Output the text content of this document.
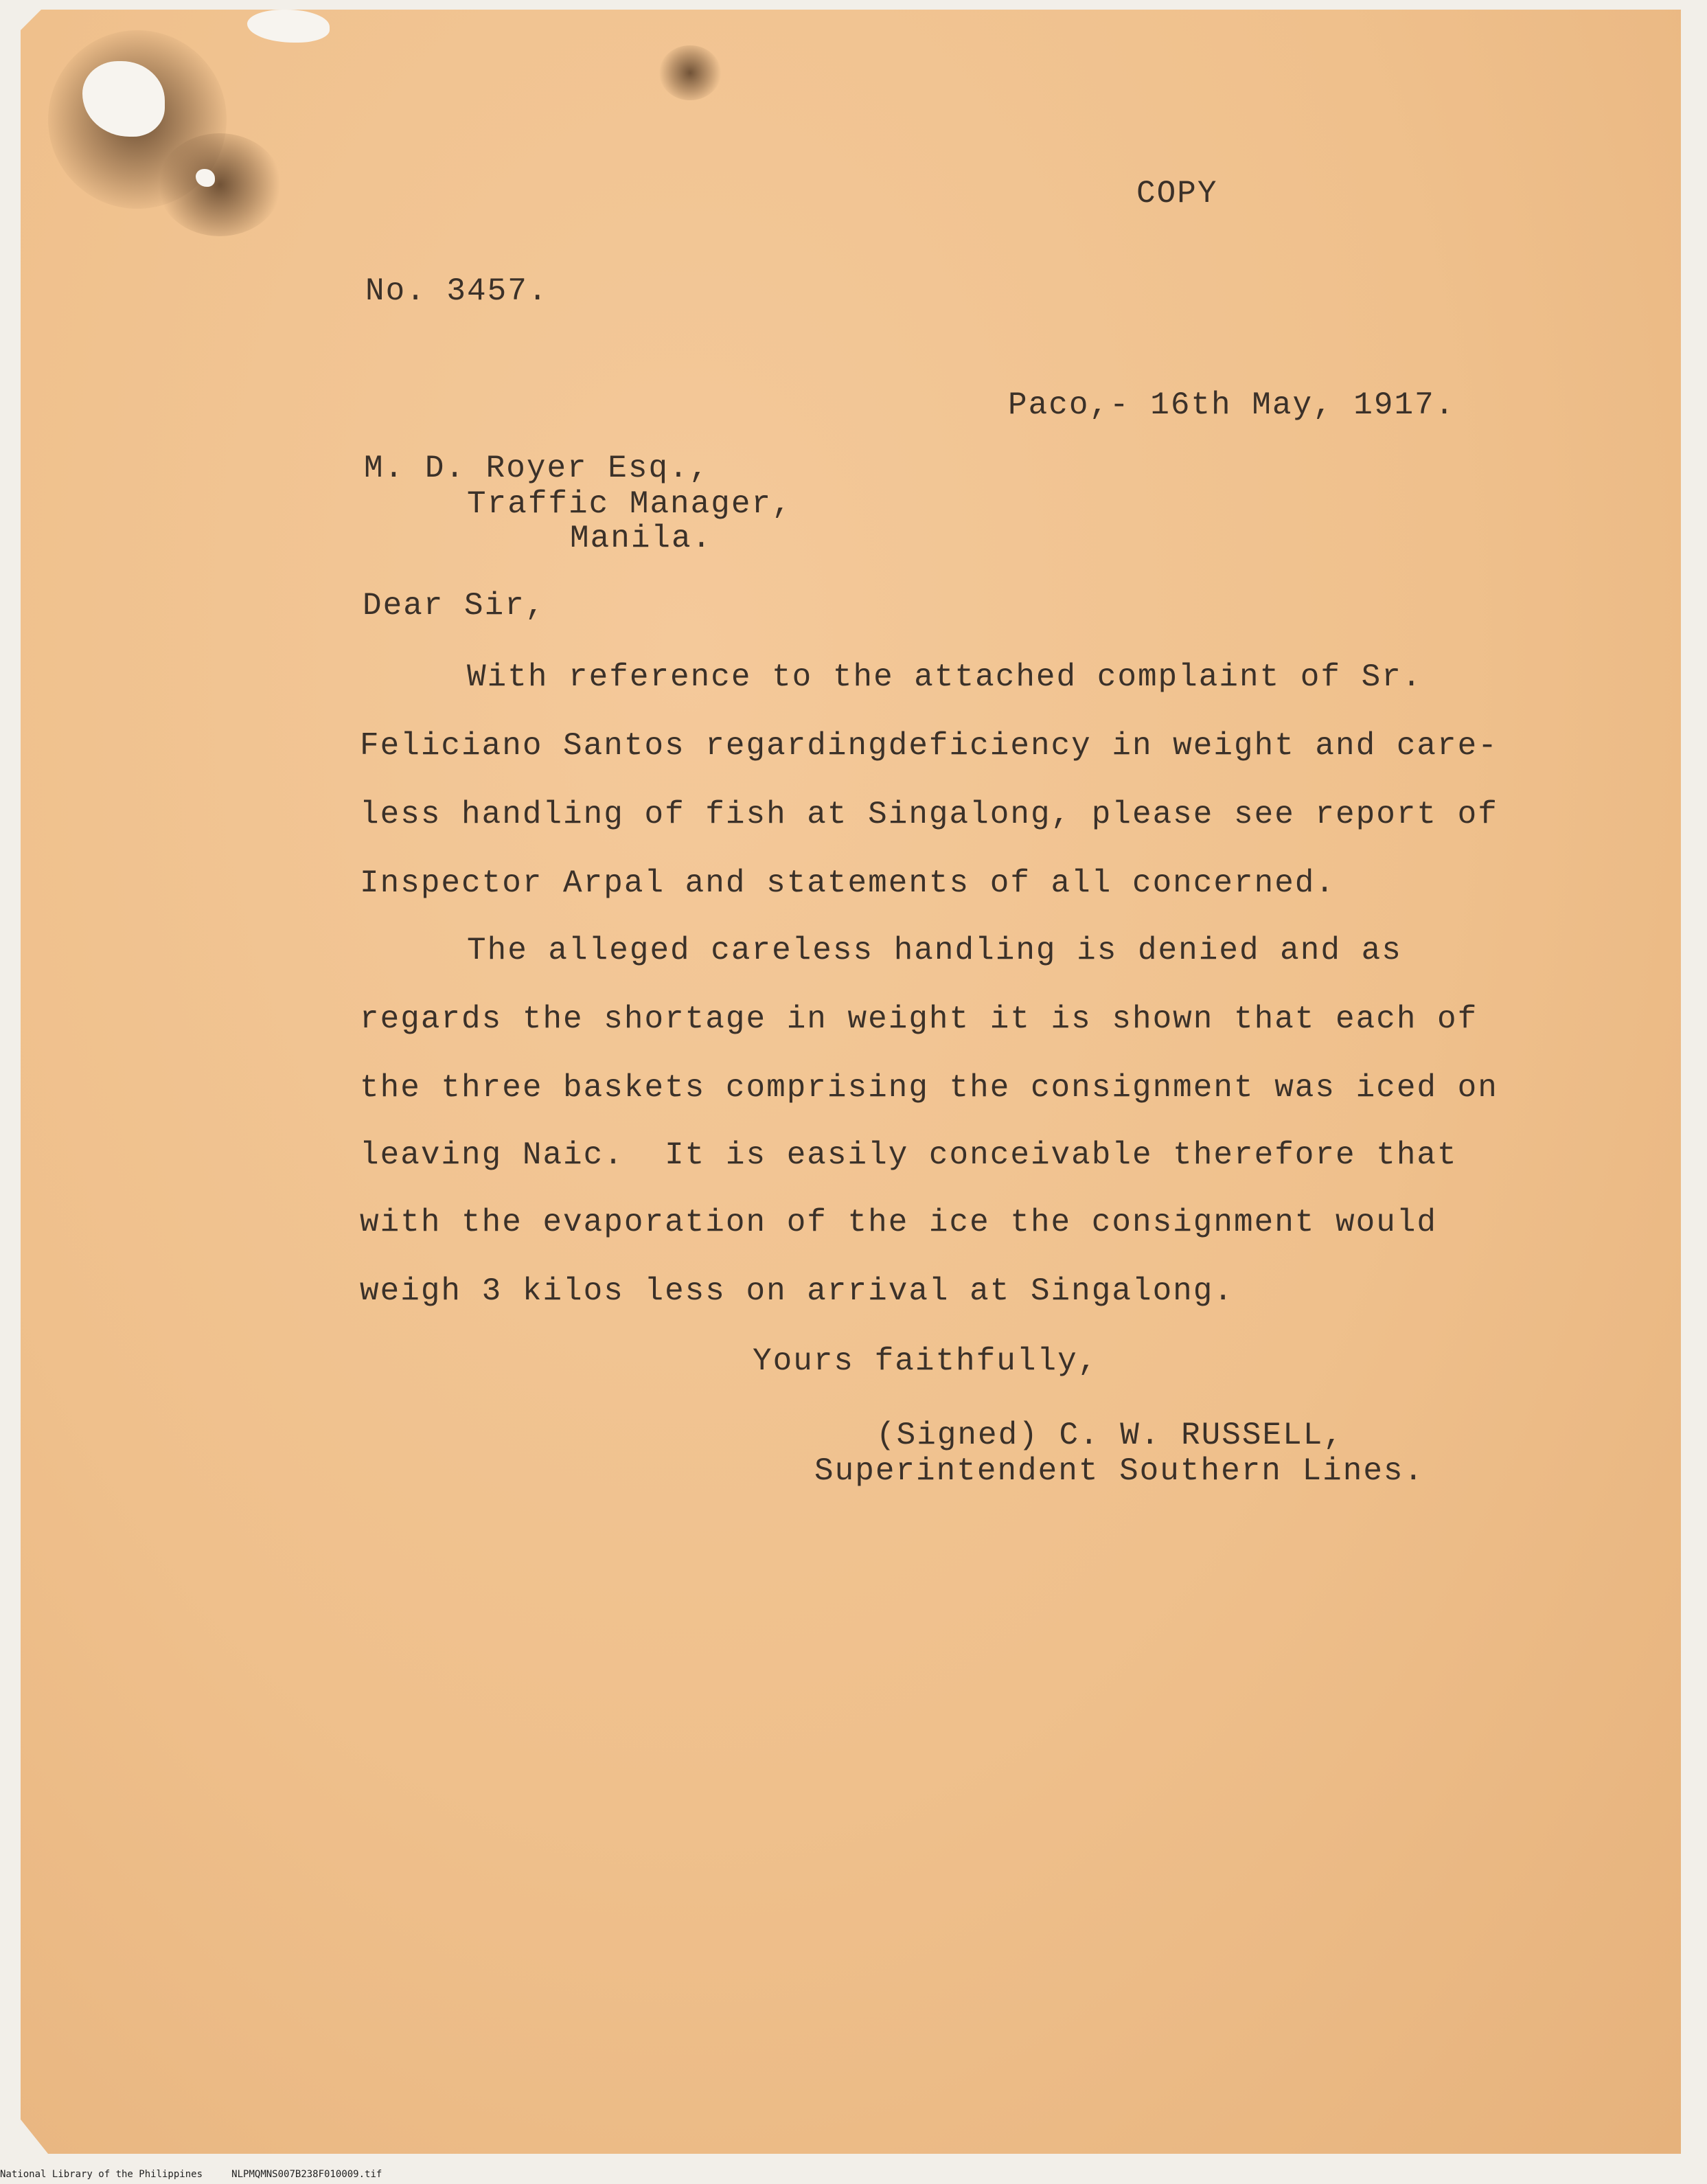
COPY
No. 3457.
Paco,- 16th May, 1917.
M. D. Royer Esq.,
Traffic Manager,
Manila.
Dear Sir,
With reference to the attached complaint of Sr.
Feliciano Santos regardingdeficiency in weight and care-
less handling of fish at Singalong, please see report of
Inspector Arpal and statements of all concerned.
The alleged careless handling is denied and as
regards the shortage in weight it is shown that each of
the three baskets comprising the consignment was iced on
leaving Naic.  It is easily conceivable therefore that
with the evaporation of the ice the consignment would
weigh 3 kilos less on arrival at Singalong.
Yours faithfully,
(Signed) C. W. RUSSELL,
Superintendent Southern Lines.
National Library of the Philippines	NLPMQMNS007B238F010009.tif
